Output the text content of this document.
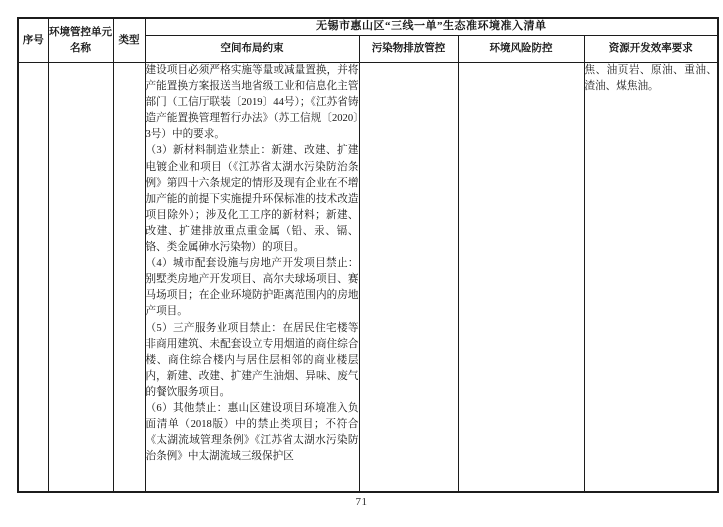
序号	环境管控单元名称	类型	无锡市惠山区“三线一单”生态准环境准入清单			
			空间布局约束	污染物排放管控	环境风险防控	资源开发效率要求

			建设项目必须严格实施等量或减量置换，并将产能置换方案报送当地省级工业和信息化主管部门（工信厅联装〔2019〕44号）；《江苏省铸造产能置换管理暂行办法》（苏工信规〔2020〕3号）中的要求。

（3）新材料制造业禁止：新建、改建、扩建电镀企业和项目（《江苏省太湖水污染防治条例》第四十六条规定的情形及现有企业在不增加产能的前提下实施提升环保标准的技术改造项目除外）；涉及化工工序的新材料；新建、改建、扩建排放重点重金属（铅、汞、镉、铬、类金属砷水污染物）的项目。

（4）城市配套设施与房地产开发项目禁止：别墅类房地产开发项目、高尔夫球场项目、赛马场项目；在企业环境防护距离范围内的房地产项目。

（5）三产服务业项目禁止：在居民住宅楼等非商用建筑、未配套设立专用烟道的商住综合楼、商住综合楼内与居住层相邻的商业楼层内，新建、改建、扩建产生油烟、异味、废气的餐饮服务项目。

（6）其他禁止：惠山区建设项目环境准入负面清单（2018版）中的禁止类项目；不符合《太湖流域管理条例》《江苏省太湖水污染防治条例》中太湖流域三级保护区			焦、油页岩、原油、重油、渣油、煤焦油。

71
